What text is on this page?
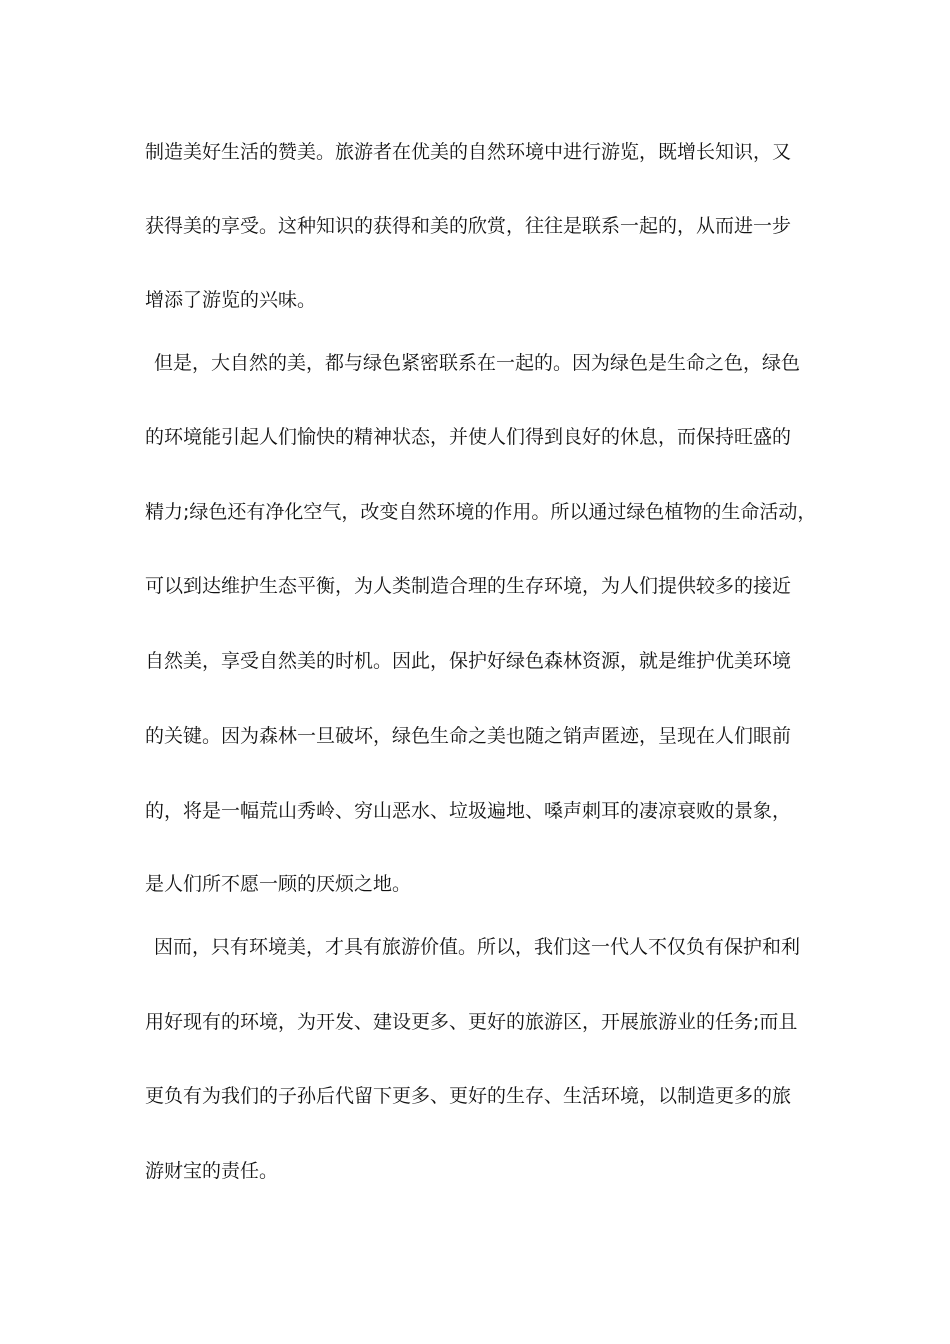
制造美好生活的赞美。旅游者在优美的自然环境中进行游览，既增长知识，又
获得美的享受。这种知识的获得和美的欣赏，往往是联系一起的，从而进一步
增添了游览的兴味。
但是，大自然的美，都与绿色紧密联系在一起的。因为绿色是生命之色，绿色
的环境能引起人们愉快的精神状态，并使人们得到良好的休息，而保持旺盛的
精力;绿色还有净化空气，改变自然环境的作用。所以通过绿色植物的生命活动，
可以到达维护生态平衡，为人类制造合理的生存环境，为人们提供较多的接近
自然美，享受自然美的时机。因此，保护好绿色森林资源，就是维护优美环境
的关键。因为森林一旦破坏，绿色生命之美也随之销声匿迹，呈现在人们眼前
的，将是一幅荒山秀岭、穷山恶水、垃圾遍地、嗓声刺耳的凄凉衰败的景象，
是人们所不愿一顾的厌烦之地。
因而，只有环境美，才具有旅游价值。所以，我们这一代人不仅负有保护和利
用好现有的环境，为开发、建设更多、更好的旅游区，开展旅游业的任务;而且
更负有为我们的子孙后代留下更多、更好的生存、生活环境，以制造更多的旅
游财宝的责任。
